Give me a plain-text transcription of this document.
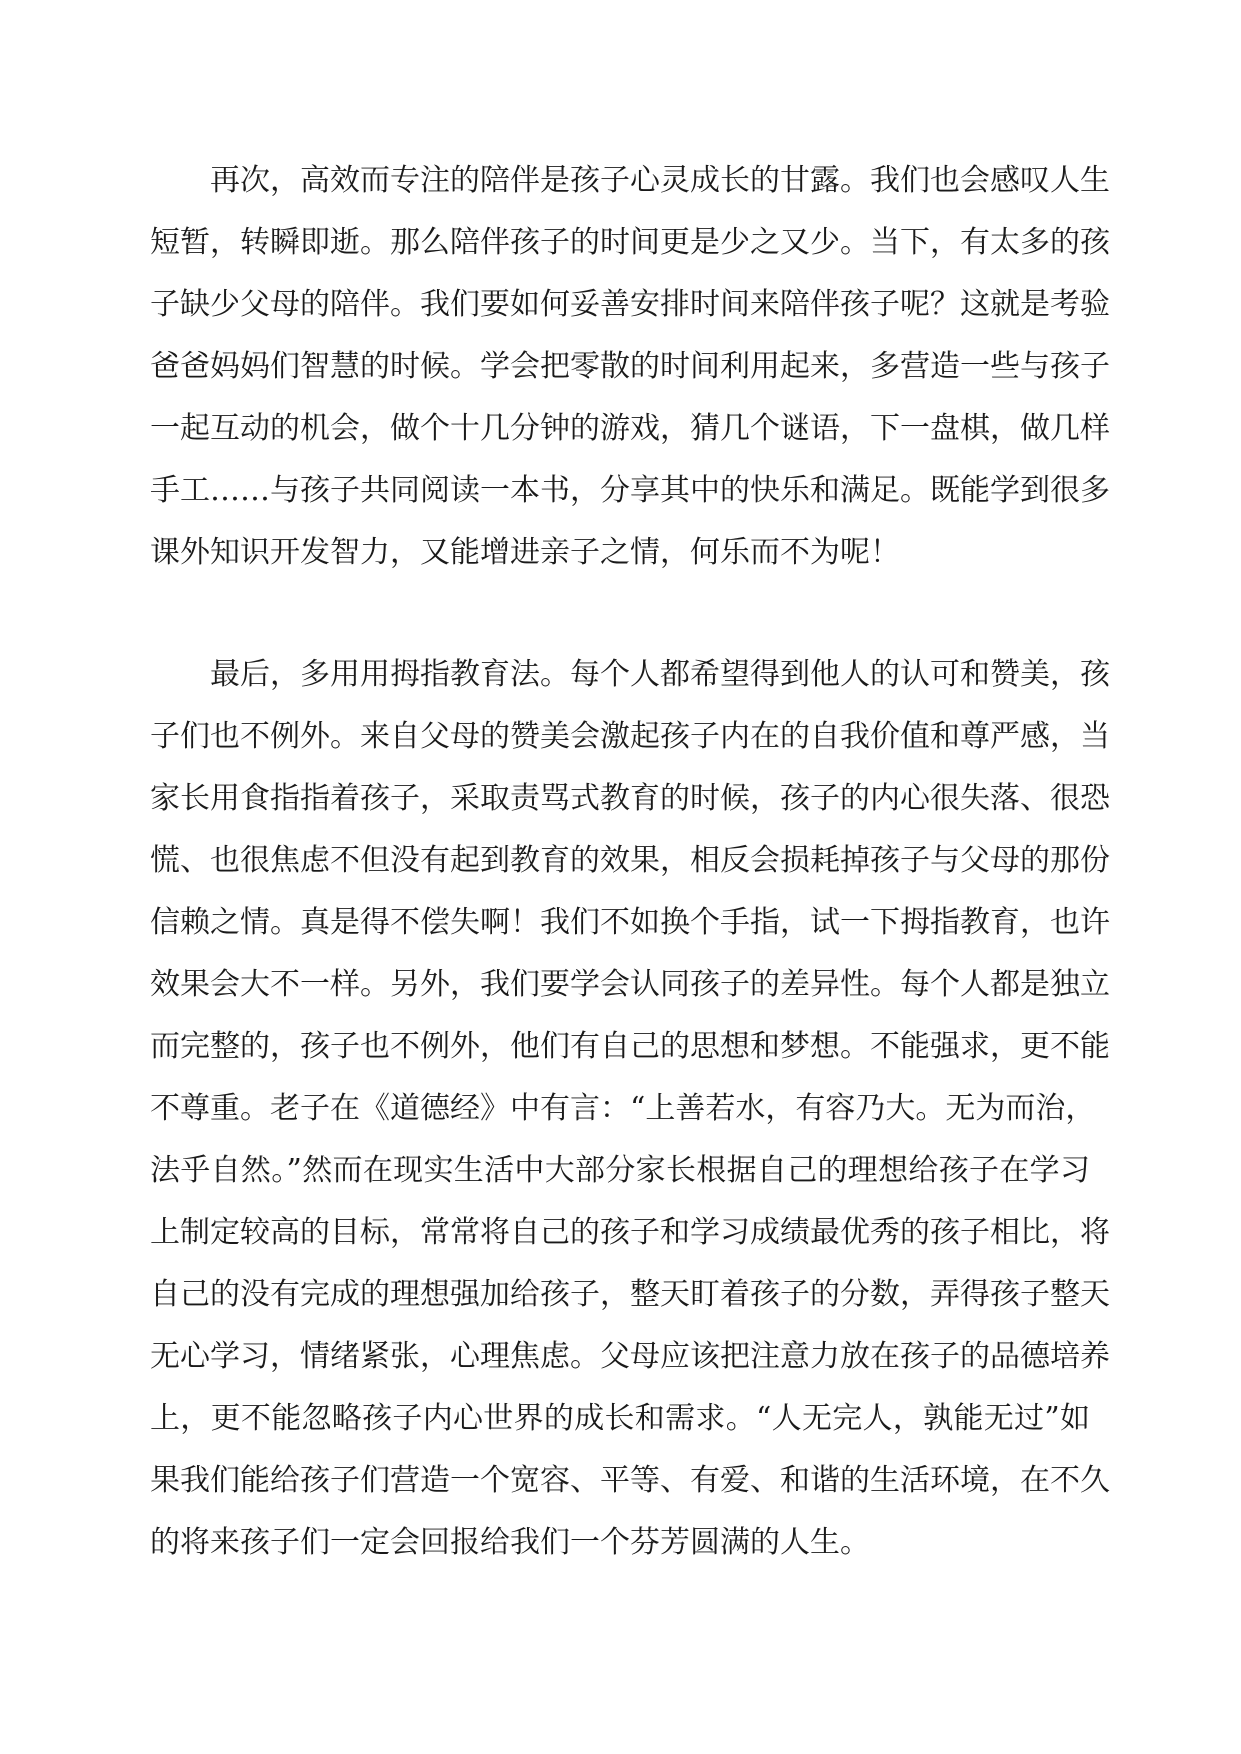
再次，高效而专注的陪伴是孩子心灵成长的甘露。我们也会感叹人生
短暂，转瞬即逝。那么陪伴孩子的时间更是少之又少。当下，有太多的孩
子缺少父母的陪伴。我们要如何妥善安排时间来陪伴孩子呢？这就是考验
爸爸妈妈们智慧的时候。学会把零散的时间利用起来，多营造一些与孩子
一起互动的机会，做个十几分钟的游戏，猜几个谜语，下一盘棋，做几样
手工……与孩子共同阅读一本书，分享其中的快乐和满足。既能学到很多
课外知识开发智力，又能增进亲子之情，何乐而不为呢！
最后，多用用拇指教育法。每个人都希望得到他人的认可和赞美，孩
子们也不例外。来自父母的赞美会激起孩子内在的自我价值和尊严感，当
家长用食指指着孩子，采取责骂式教育的时候，孩子的内心很失落、很恐
慌、也很焦虑不但没有起到教育的效果，相反会损耗掉孩子与父母的那份
信赖之情。真是得不偿失啊！我们不如换个手指，试一下拇指教育，也许
效果会大不一样。另外，我们要学会认同孩子的差异性。每个人都是独立
而完整的，孩子也不例外，他们有自己的思想和梦想。不能强求，更不能
不尊重。老子在《道德经》中有言：“上善若水，有容乃大。无为而治，
法乎自然。”然而在现实生活中大部分家长根据自己的理想给孩子在学习
上制定较高的目标，常常将自己的孩子和学习成绩最优秀的孩子相比，将
自己的没有完成的理想强加给孩子，整天盯着孩子的分数，弄得孩子整天
无心学习，情绪紧张，心理焦虑。父母应该把注意力放在孩子的品德培养
上，更不能忽略孩子内心世界的成长和需求。“人无完人，孰能无过”如
果我们能给孩子们营造一个宽容、平等、有爱、和谐的生活环境，在不久
的将来孩子们一定会回报给我们一个芬芳圆满的人生。
